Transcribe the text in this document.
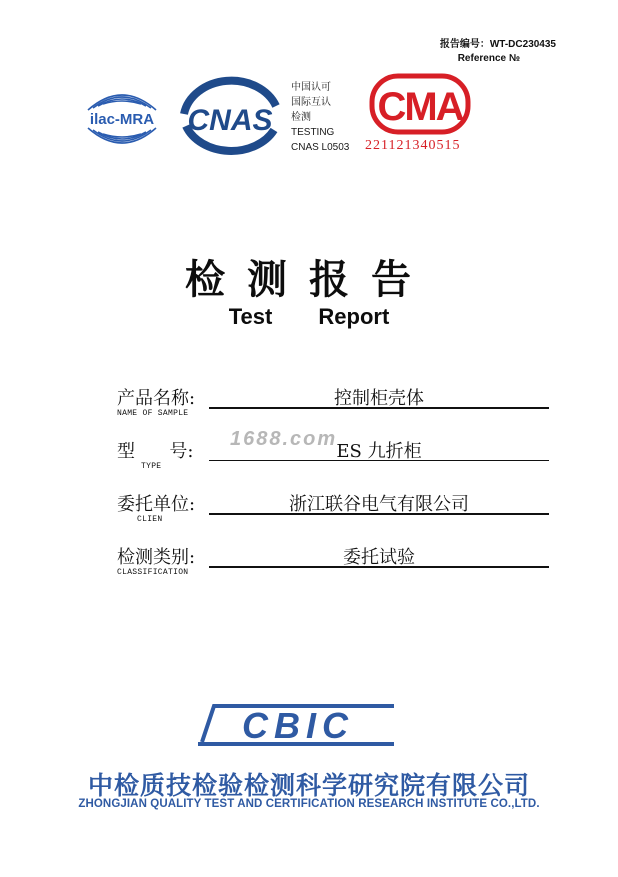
报告编号：WT-DC230435
Reference №
ilac-MRA CNAS
中国认可
国际互认
检测
TESTING
CNAS L0503
CMA
221121340515
检测报告
Test Report
产品名称:
NAME OF SAMPLE
控制柜壳体
型      号:
TYPE
ES 九折柜
委托单位:
CLIEN
浙江联谷电气有限公司
检测类别:
CLASSIFICATION
委托试验
1688.com
CBIC
中检质技检验检测科学研究院有限公司
ZHONGJIAN QUALITY TEST AND CERTIFICATION RESEARCH INSTITUTE CO.,LTD.
